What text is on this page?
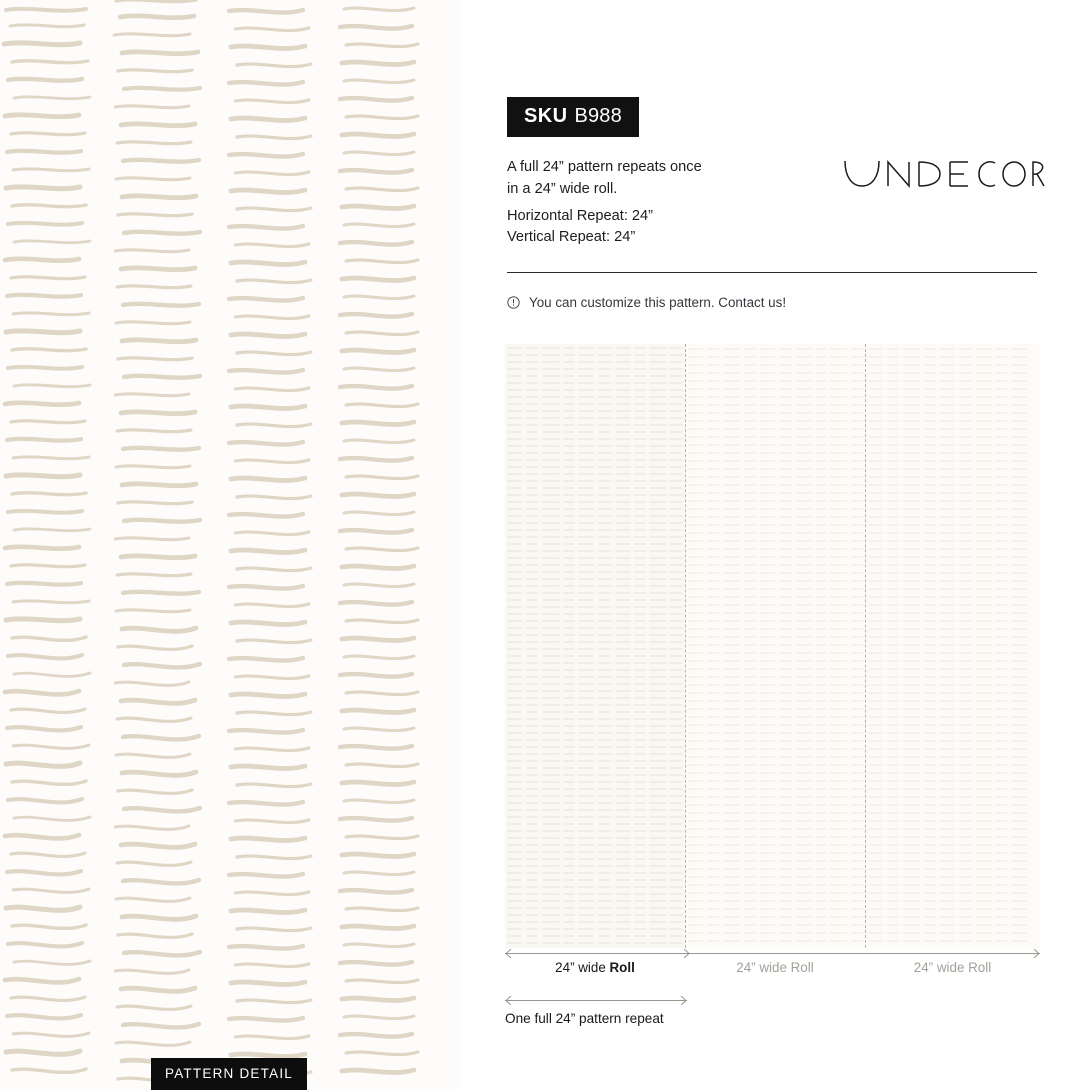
PATTERN DETAIL
SKU B988
A full 24” pattern repeats once
in a 24” wide roll.
Horizontal Repeat: 24”
Vertical Repeat: 24”
You can customize this pattern. Contact us!
24” wide Roll	24” wide Roll	24” wide Roll
One full 24” pattern repeat
